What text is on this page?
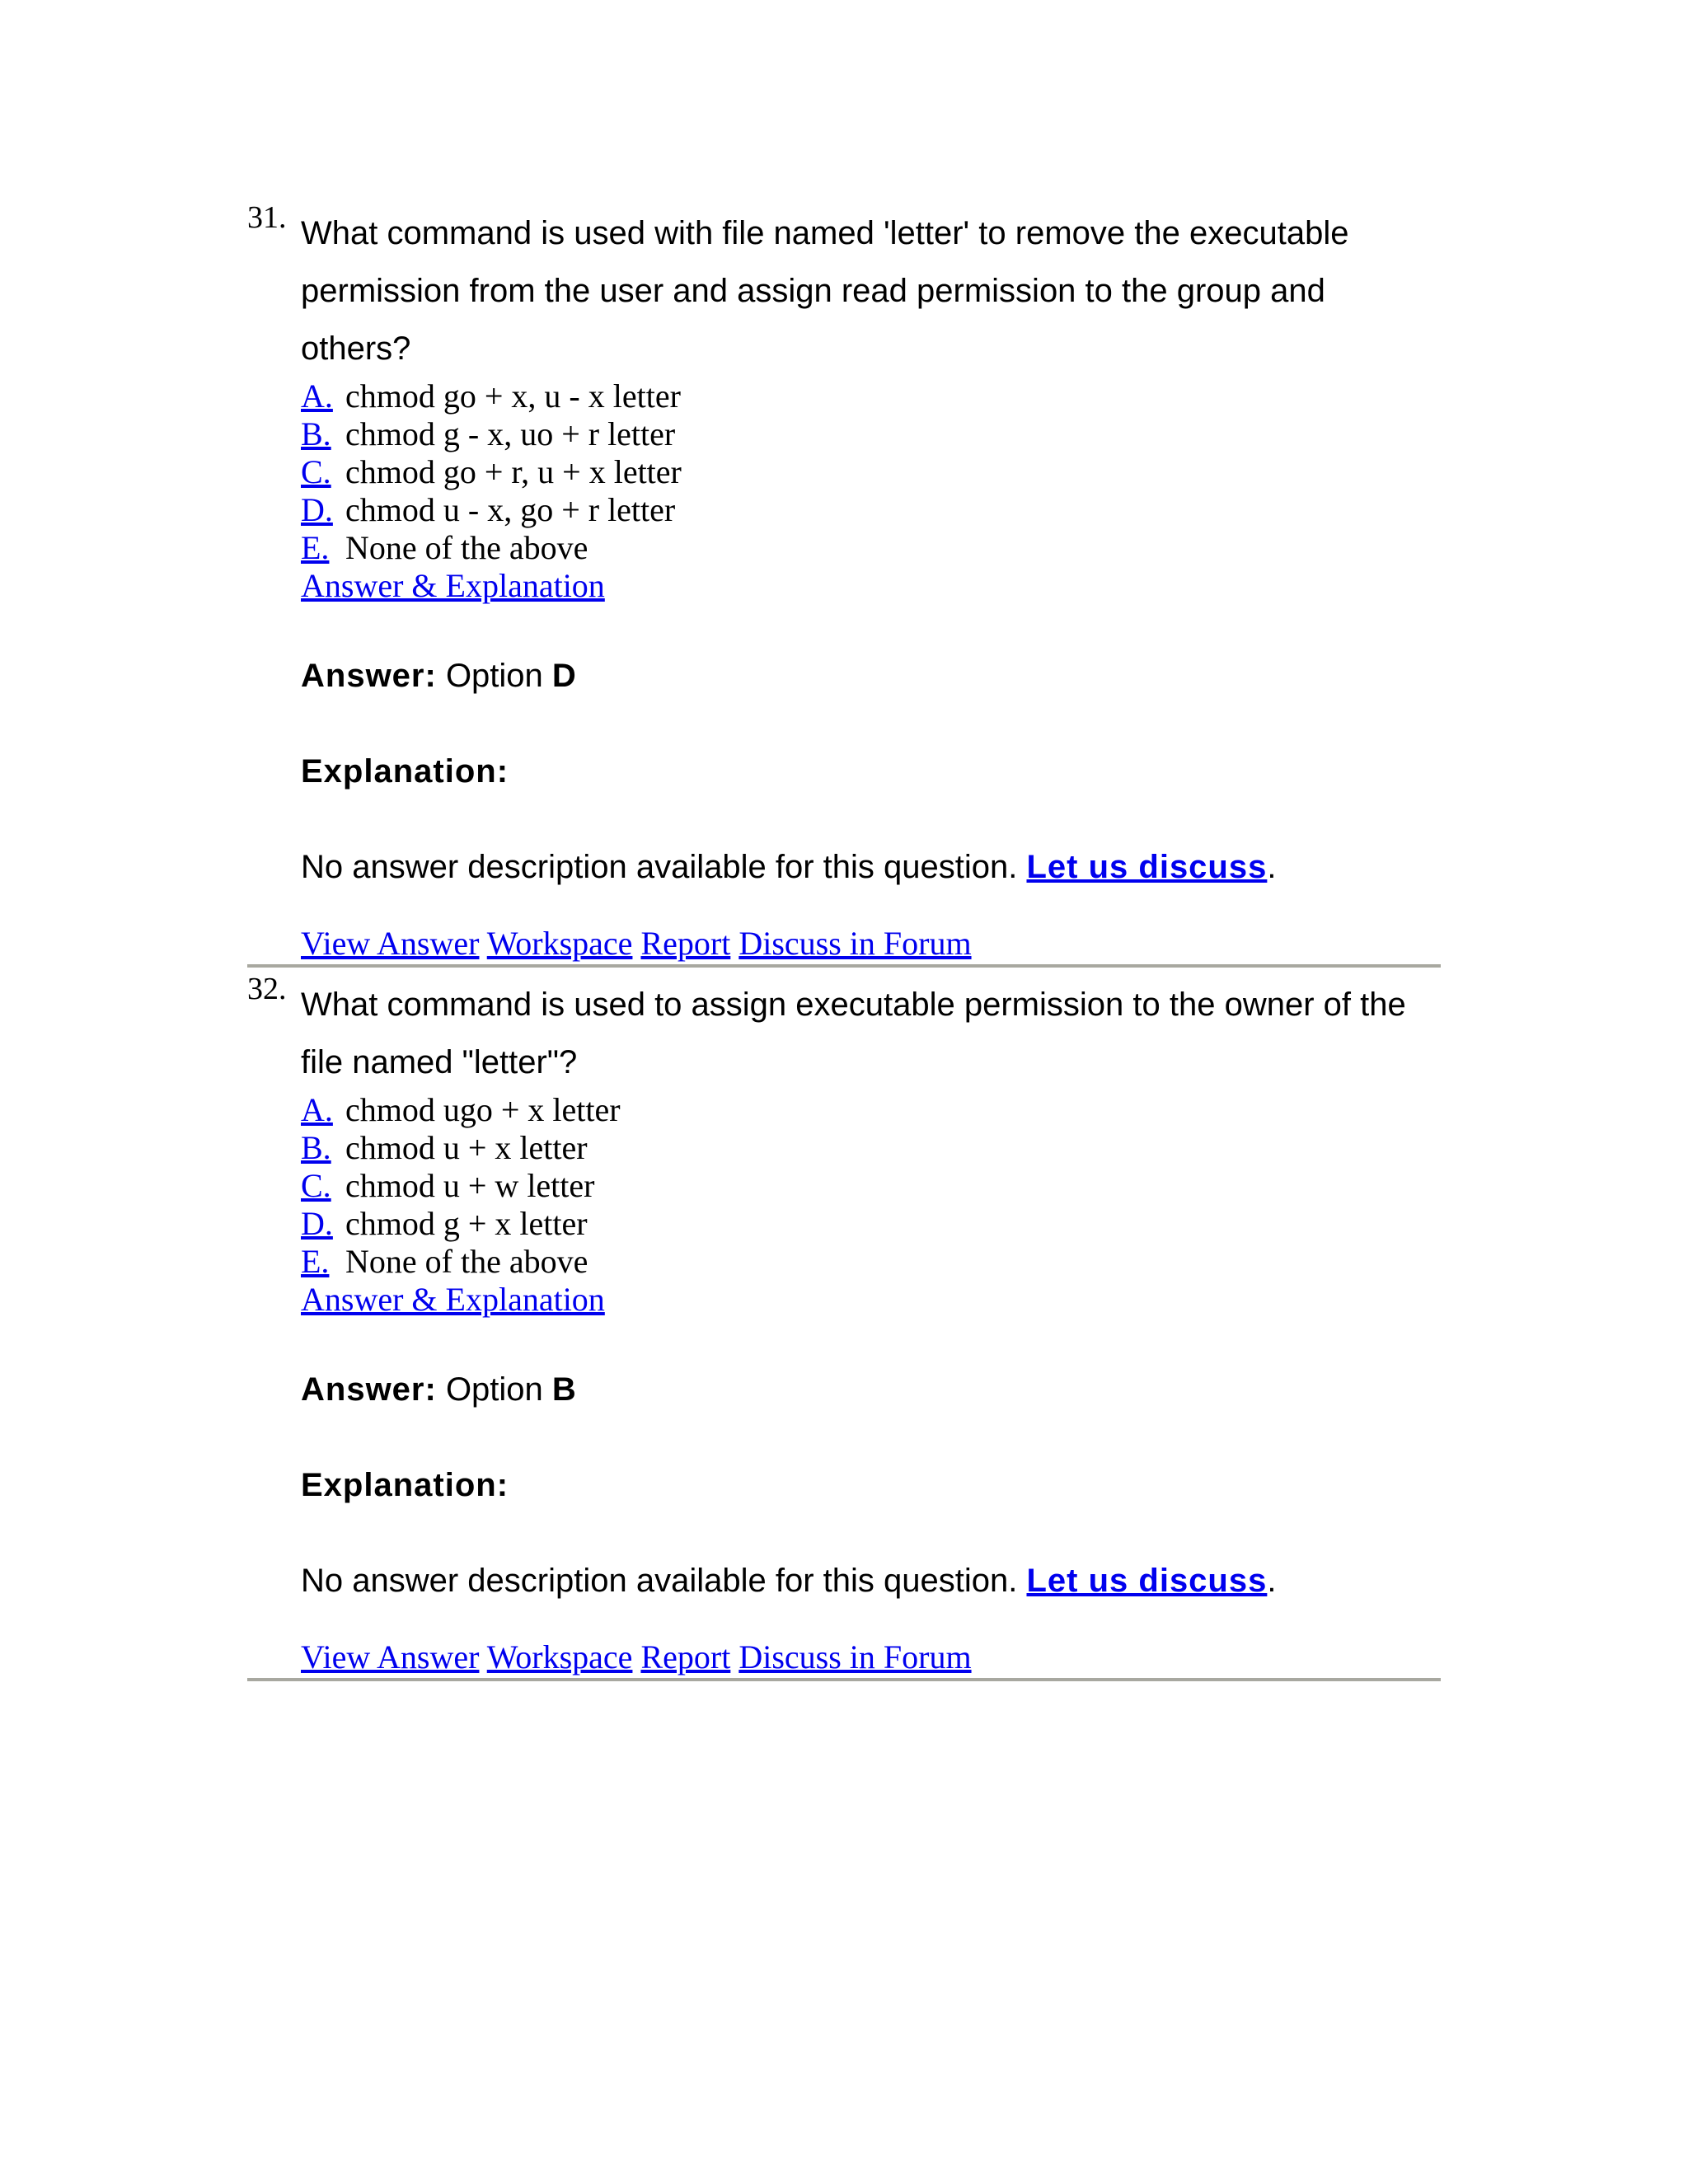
31. What command is used with file named 'letter' to remove the executable permission from the user and assign read permission to the group and others?

A. chmod go + x, u - x letter
B. chmod g - x, uo + r letter
C. chmod go + r, u + x letter
D. chmod u - x, go + r letter
E. None of the above
Answer & Explanation
Answer: Option D
Explanation:
No answer description available for this question. Let us discuss.
View Answer Workspace Report Discuss in Forum
32. What command is used to assign executable permission to the owner of the file named "letter"?

A. chmod ugo + x letter
B. chmod u + x letter
C. chmod u + w letter
D. chmod g + x letter
E. None of the above
Answer & Explanation
Answer: Option B
Explanation:
No answer description available for this question. Let us discuss.
View Answer Workspace Report Discuss in Forum
